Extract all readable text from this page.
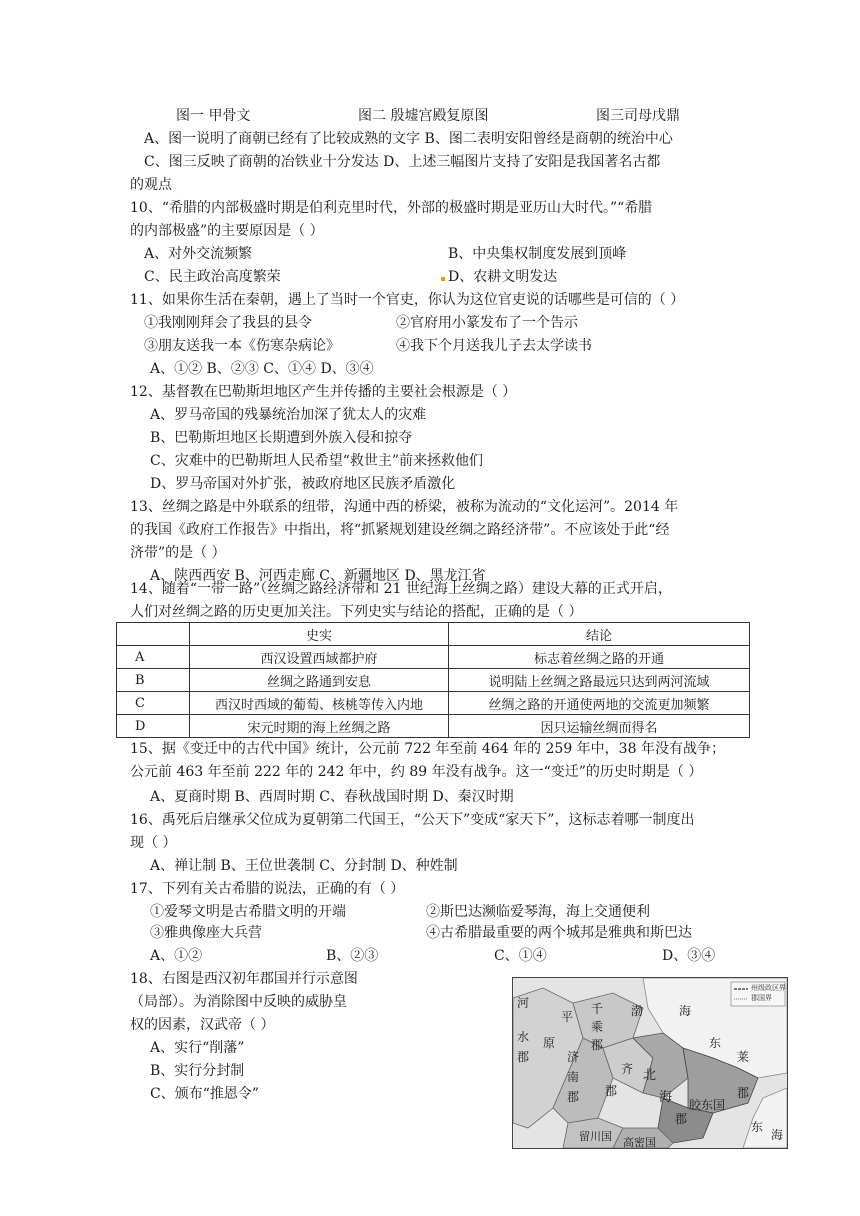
图一 甲骨文	图二 殷墟宫殿复原图	图三司母戊鼎
A、图一说明了商朝已经有了比较成熟的文字 B、图二表明安阳曾经是商朝的统治中心
C、图三反映了商朝的冶铁业十分发达 D、上述三幅图片支持了安阳是我国著名古都
的观点
10、“希腊的内部极盛时期是伯利克里时代，外部的极盛时期是亚历山大时代。”“希腊
的内部极盛”的主要原因是（ ）
A、对外交流频繁	B、中央集权制度发展到顶峰
C、民主政治高度繁荣	D、农耕文明发达
11、如果你生活在秦朝，遇上了当时一个官吏，你认为这位官吏说的话哪些是可信的（ ）
①我刚刚拜会了我县的县令	②官府用小篆发布了一个告示
③朋友送我一本《伤寒杂病论》	④我下个月送我儿子去太学读书
A、①② B、②③ C、①④ D、③④
12、基督教在巴勒斯坦地区产生并传播的主要社会根源是（ ）
A、罗马帝国的残暴统治加深了犹太人的灾难
B、巴勒斯坦地区长期遭到外族入侵和掠夺
C、灾难中的巴勒斯坦人民希望“救世主”前来拯救他们
D、罗马帝国对外扩张，被政府地区民族矛盾激化
13、丝绸之路是中外联系的纽带，沟通中西的桥梁，被称为流动的“文化运河”。2014 年
的我国《政府工作报告》中指出，将“抓紧规划建设丝绸之路经济带”。不应该处于此“经
济带”的是（ ）
A、陕西西安 B、河西走廊 C、新疆地区 D、黑龙江省
14、随着“一带一路”（丝绸之路经济带和 21 世纪海上丝绸之路）建设大幕的正式开启，
人们对丝绸之路的历史更加关注。下列史实与结论的搭配，正确的是（ ）
	史实	结论
A	西汉设置西域都护府	标志着丝绸之路的开通
B	丝绸之路通到安息	说明陆上丝绸之路最远只达到两河流域
C	西汉时西域的葡萄、核桃等传入内地	丝绸之路的开通使两地的交流更加频繁
D	宋元时期的海上丝绸之路	因只运输丝绸而得名
15、据《变迁中的古代中国》统计，公元前 722 年至前 464 年的 259 年中，38 年没有战争；
公元前 463 年至前 222 年的 242 年中，约 89 年没有战争。这一“变迁”的历史时期是（ ）
A、夏商时期 B、西周时期 C、春秋战国时期 D、秦汉时期
16、禹死后启继承父位成为夏朝第二代国王，“公天下”变成“家天下”，这标志着哪一制度出
现（ ）
A、禅让制 B、王位世袭制 C、分封制 D、种姓制
17、下列有关古希腊的说法，正确的有（ ）
①爱琴文明是古希腊文明的开端	②斯巴达濒临爱琴海，海上交通便利
③雅典像座大兵营	④古希腊最重要的两个城邦是雅典和斯巴达
A、①②	B、②③	C、①④	D、③④
18、右图是西汉初年郡国并行示意图
（局部）。为消除图中反映的威胁皇
权的因素，汉武帝（ ）
A、实行“削藩”
B、实行分封制
C、颁布“推恩令”
州级政区界
郡国界
河
平
千
乘
郡
渤	海
东
莱
郡
原
济
南
郡
齐
郡
北
海
郡
胶东国
东
海
水
郡
留川国 高密国
